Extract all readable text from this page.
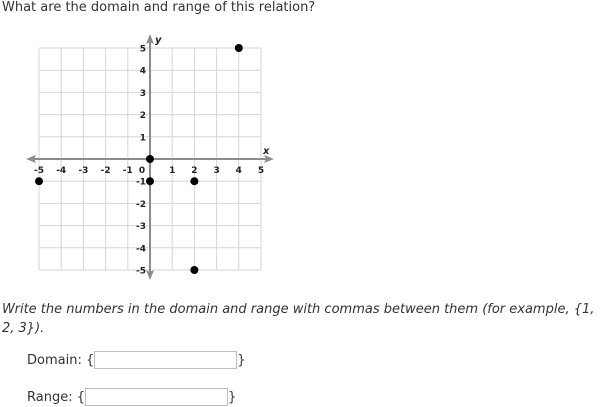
What are the domain and range of this relation?
x
y
-5 -4 -3 -2 -1 0	1 2 3 4 5
-5
-4
-3
-2
-1
1
2
3
4
5
Write the numbers in the domain and range with commas between them (for example, {1, 2, 3}).
Domain: {	}
Range: {	}
